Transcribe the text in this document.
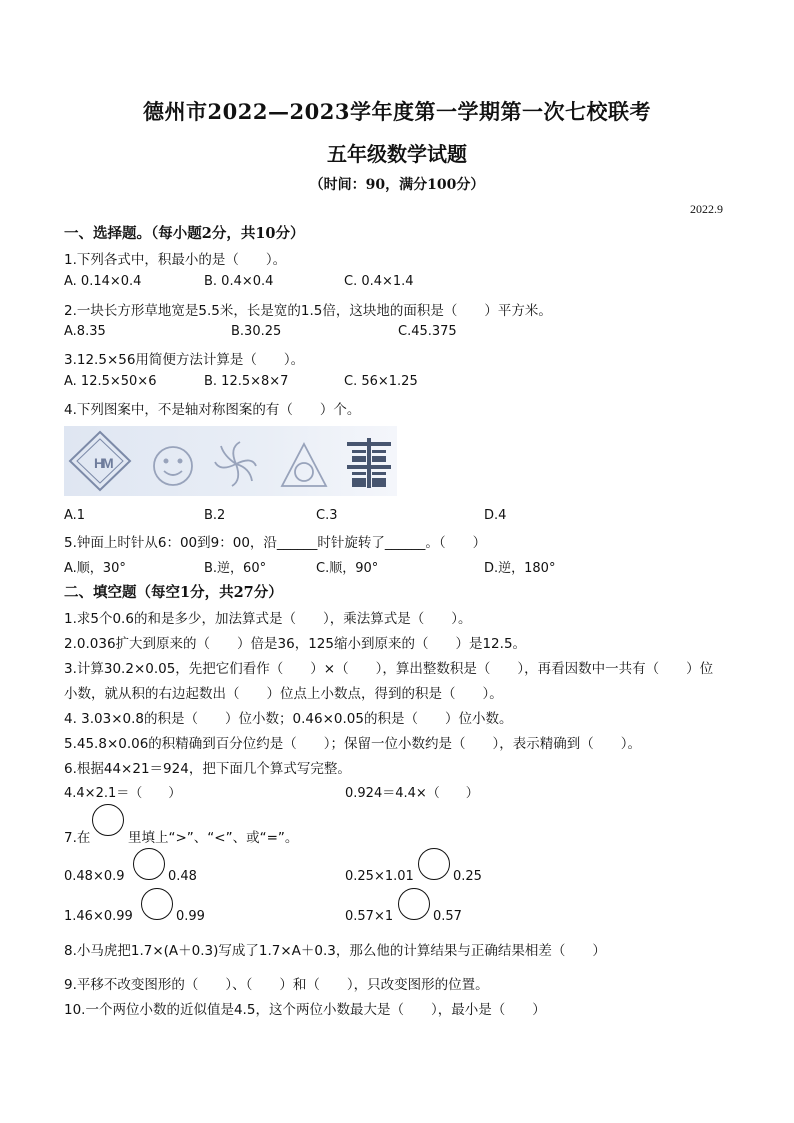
德州市2022—2023学年度第一学期第一次七校联考
五年级数学试题
（时间：90，满分100分）
2022.9
一、选择题。（每小题2分，共10分）
1.下列各式中，积最小的是（　　）。
A. 0.14×0.4	B. 0.4×0.4	C. 0.4×1.4
2.一块长方形草地宽是5.5米，长是宽的1.5倍，这块地的面积是（　　）平方米。
A.8.35	B.30.25	C.45.375
3.12.5×56用简便方法计算是（　　）。
A. 12.5×50×6	B. 12.5×8×7	C. 56×1.25
4.下列图案中，不是轴对称图案的有（　　）个。
H
M
A.1	B.2	C.3	D.4
5.钟面上时针从6：00到9：00，沿______时针旋转了______。（　　）
A.顺，30°	B.逆，60°	C.顺，90°	D.逆，180°
二、填空题（每空1分，共27分）
1.求5个0.6的和是多少，加法算式是（　　），乘法算式是（　　）。
2.0.036扩大到原来的（　　）倍是36，125缩小到原来的（　　）是12.5。
3.计算30.2×0.05，先把它们看作（　　）×（　　），算出整数积是（　　），再看因数中一共有（　　）位
小数，就从积的右边起数出（　　）位点上小数点，得到的积是（　　）。
4. 3.03×0.8的积是（　　）位小数；0.46×0.05的积是（　　）位小数。
5.45.8×0.06的积精确到百分位约是（　　）；保留一位小数约是（　　），表示精确到（　　）。
6.根据44×21＝924，把下面几个算式写完整。
4.4×2.1＝（　　）	0.924＝4.4×（　　）
7.在	里填上“>”、“<”、或“=”。
0.48×0.9	0.48	0.25×1.01	0.25
1.46×0.99	0.99	0.57×1	0.57
8.小马虎把1.7×(A＋0.3)写成了1.7×A＋0.3，那么他的计算结果与正确结果相差（　　）
9.平移不改变图形的（　　）、（　　）和（　　），只改变图形的位置。
10.一个两位小数的近似值是4.5，这个两位小数最大是（　　），最小是（　　）
